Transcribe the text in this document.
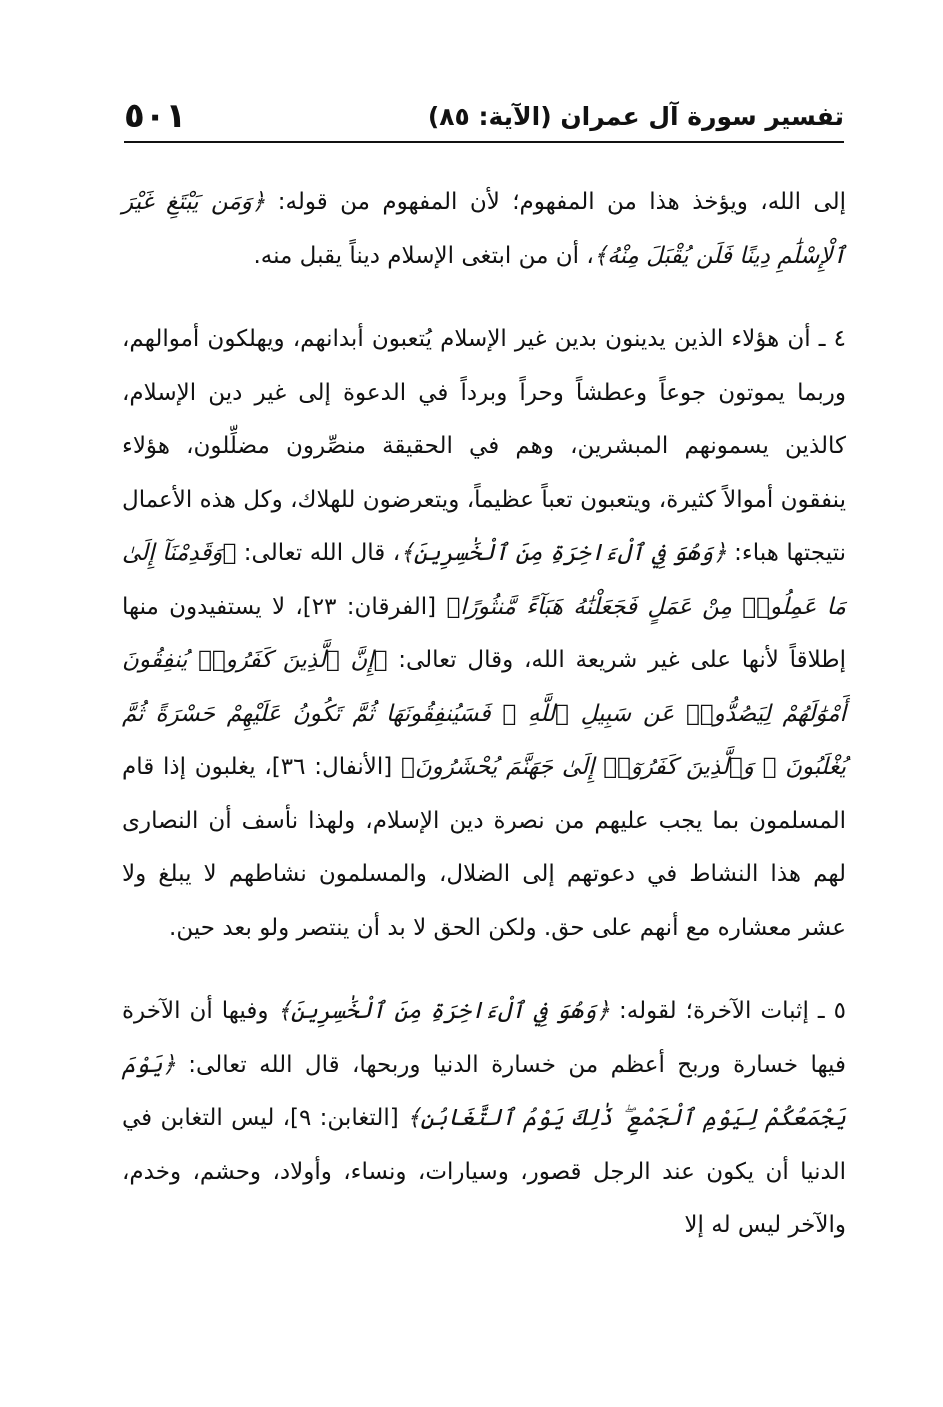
تفسير سورة آل عمران (الآية: ٨٥)
٥٠١

إلى الله، ويؤخذ هذا من المفهوم؛ لأن المفهوم من قوله: ﴿وَمَن يَبْتَغِ غَيْرَ ٱلْإِسْلَٰمِ دِينًا فَلَن يُقْبَلَ مِنْهُ﴾، أن من ابتغى الإسلام ديناً يقبل منه.

٤ ـ أن هؤلاء الذين يدينون بدين غير الإسلام يُتعبون أبدانهم، ويهلكون أموالهم، وربما يموتون جوعاً وعطشاً وحراً وبرداً في الدعوة إلى غير دين الإسلام، كالذين يسمونهم المبشرين، وهم في الحقيقة منصِّرون مضلِّلون، هؤلاء ينفقون أموالاً كثيرة، ويتعبون تعباً عظيماً، ويتعرضون للهلاك، وكل هذه الأعمال نتيجتها هباء: ﴿وَهُوَ فِي ٱلْءَاخِرَةِ مِنَ ٱلْخَٰسِرِينَ﴾، قال الله تعالى: ﴿وَقَدِمْنَآ إِلَىٰ مَا عَمِلُوا۟ مِنْ عَمَلٍ فَجَعَلْنَٰهُ هَبَآءً مَّنثُورًا﴾ [الفرقان: ٢٣]، لا يستفيدون منها إطلاقاً لأنها على غير شريعة الله، وقال تعالى: ﴿إِنَّ ٱلَّذِينَ كَفَرُوا۟ يُنفِقُونَ أَمْوَٰلَهُمْ لِيَصُدُّوا۟ عَن سَبِيلِ ٱللَّهِ ۚ فَسَيُنفِقُونَهَا ثُمَّ تَكُونُ عَلَيْهِمْ حَسْرَةً ثُمَّ يُغْلَبُونَ ۗ وَٱلَّذِينَ كَفَرُوٓا۟ إِلَىٰ جَهَنَّمَ يُحْشَرُونَ﴾ [الأنفال: ٣٦]، يغلبون إذا قام المسلمون بما يجب عليهم من نصرة دين الإسلام، ولهذا نأسف أن النصارى لهم هذا النشاط في دعوتهم إلى الضلال، والمسلمون نشاطهم لا يبلغ ولا عشر معشاره مع أنهم على حق. ولكن الحق لا بد أن ينتصر ولو بعد حين.

٥ ـ إثبات الآخرة؛ لقوله: ﴿وَهُوَ فِي ٱلْءَاخِرَةِ مِنَ ٱلْخَٰسِرِينَ﴾ وفيها أن الآخرة فيها خسارة وربح أعظم من خسارة الدنيا وربحها، قال الله تعالى: ﴿يَوْمَ يَجْمَعُكُمْ لِيَوْمِ ٱلْجَمْعِ ۖ ذَٰلِكَ يَوْمُ ٱلتَّغَابُنِ﴾ [التغابن: ٩]، ليس التغابن في الدنيا أن يكون عند الرجل قصور، وسيارات، ونساء، وأولاد، وحشم، وخدم، والآخر ليس له إلا
